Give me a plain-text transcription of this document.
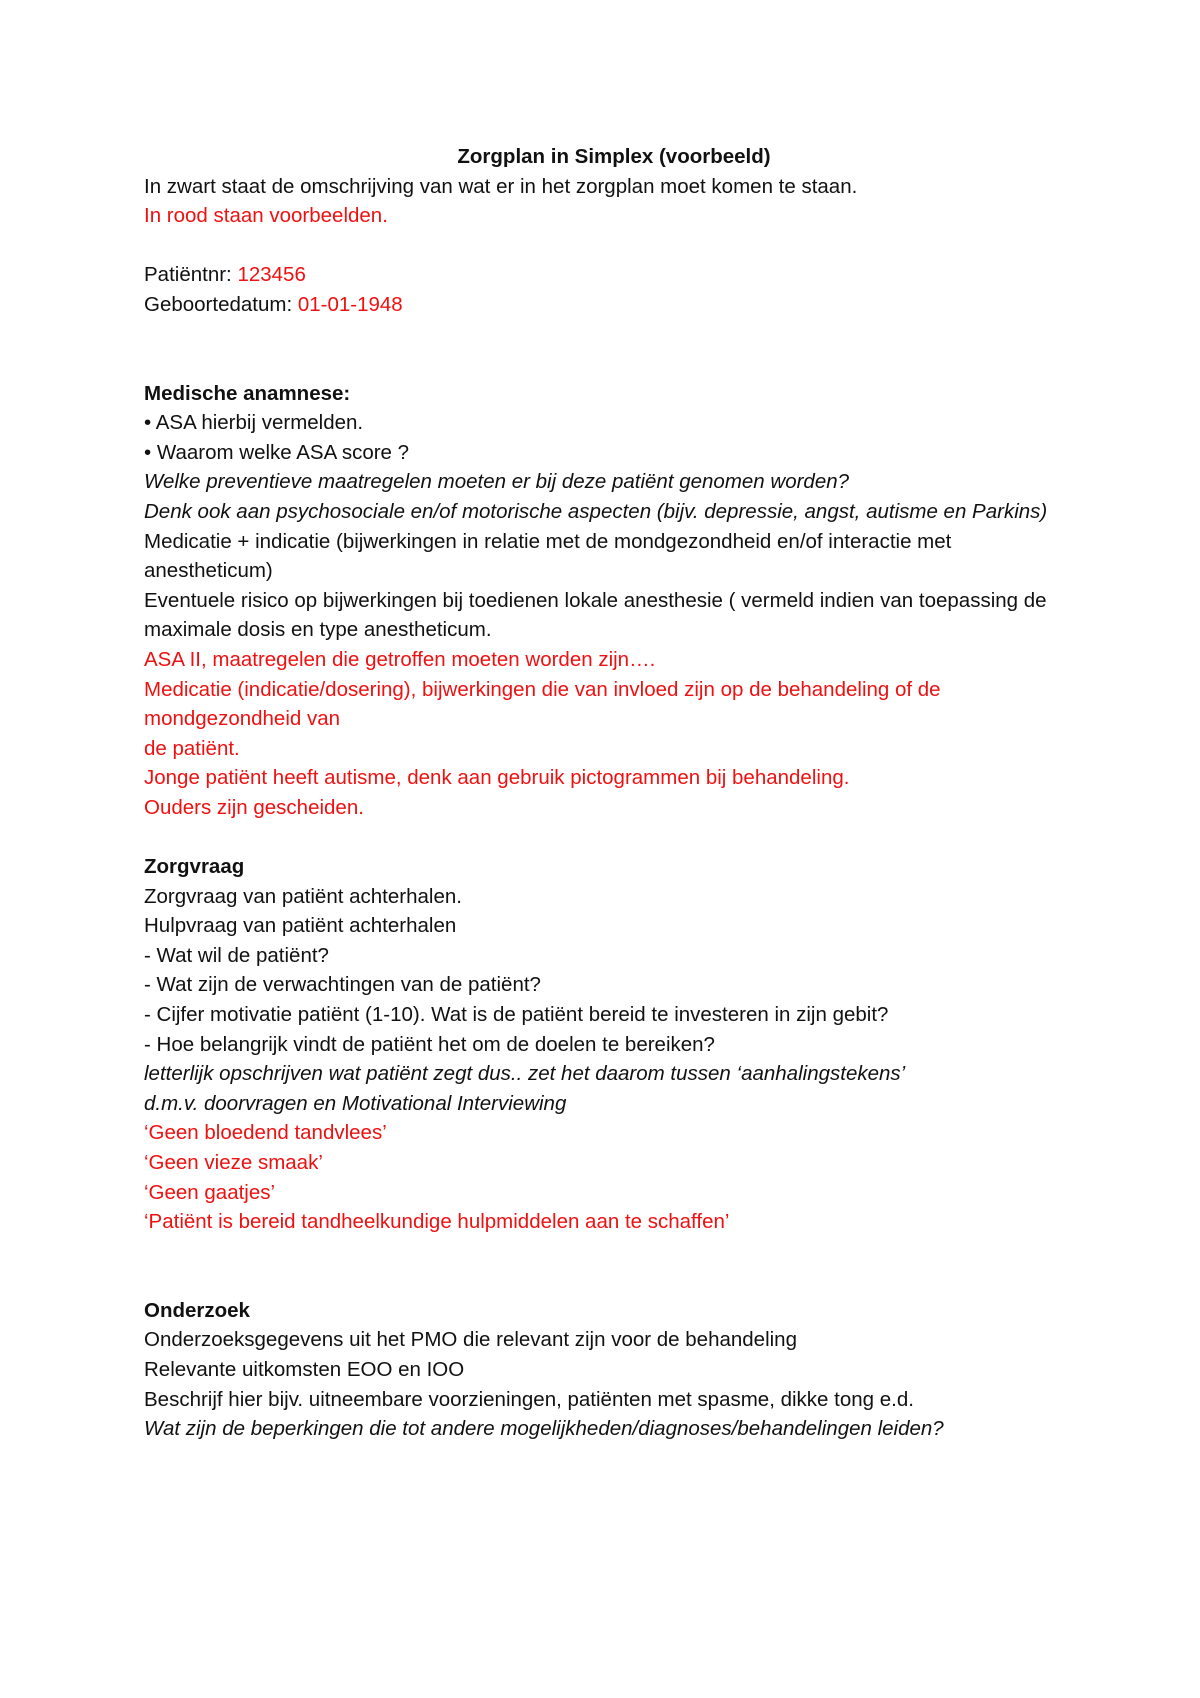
Zorgplan in Simplex (voorbeeld)

In zwart staat de omschrijving van wat er in het zorgplan moet komen te staan.

In rood staan voorbeelden.

Patiëntnr: 123456

Geboortedatum: 01-01-1948

Medische anamnese:

• ASA hierbij vermelden.

• Waarom welke ASA score ?

Welke preventieve maatregelen moeten er bij deze patiënt genomen worden?

Denk ook aan psychosociale en/of motorische aspecten (bijv. depressie, angst, autisme en Parkins)

Medicatie + indicatie (bijwerkingen in relatie met de mondgezondheid en/of interactie met anestheticum)

Eventuele risico op bijwerkingen bij toedienen lokale anesthesie ( vermeld indien van toepassing de maximale dosis en type anestheticum.

ASA II, maatregelen die getroffen moeten worden zijn….

Medicatie (indicatie/dosering), bijwerkingen die van invloed zijn op de behandeling of de mondgezondheid van

de patiënt.

Jonge patiënt heeft autisme, denk aan gebruik pictogrammen bij behandeling.

Ouders zijn gescheiden.

Zorgvraag

Zorgvraag van patiënt achterhalen.

Hulpvraag van patiënt achterhalen

- Wat wil de patiënt?

- Wat zijn de verwachtingen van de patiënt?

- Cijfer motivatie patiënt (1-10). Wat is de patiënt bereid te investeren in zijn gebit?

- Hoe belangrijk vindt de patiënt het om de doelen te bereiken?

letterlijk opschrijven wat patiënt zegt dus.. zet het daarom tussen ‘aanhalingstekens’

d.m.v. doorvragen en Motivational Interviewing

‘Geen bloedend tandvlees’

‘Geen vieze smaak’

‘Geen gaatjes’

‘Patiënt is bereid tandheelkundige hulpmiddelen aan te schaffen’

Onderzoek

Onderzoeksgegevens uit het PMO die relevant zijn voor de behandeling

Relevante uitkomsten EOO en IOO

Beschrijf hier bijv. uitneembare voorzieningen, patiënten met spasme, dikke tong e.d.

Wat zijn de beperkingen die tot andere mogelijkheden/diagnoses/behandelingen leiden?
